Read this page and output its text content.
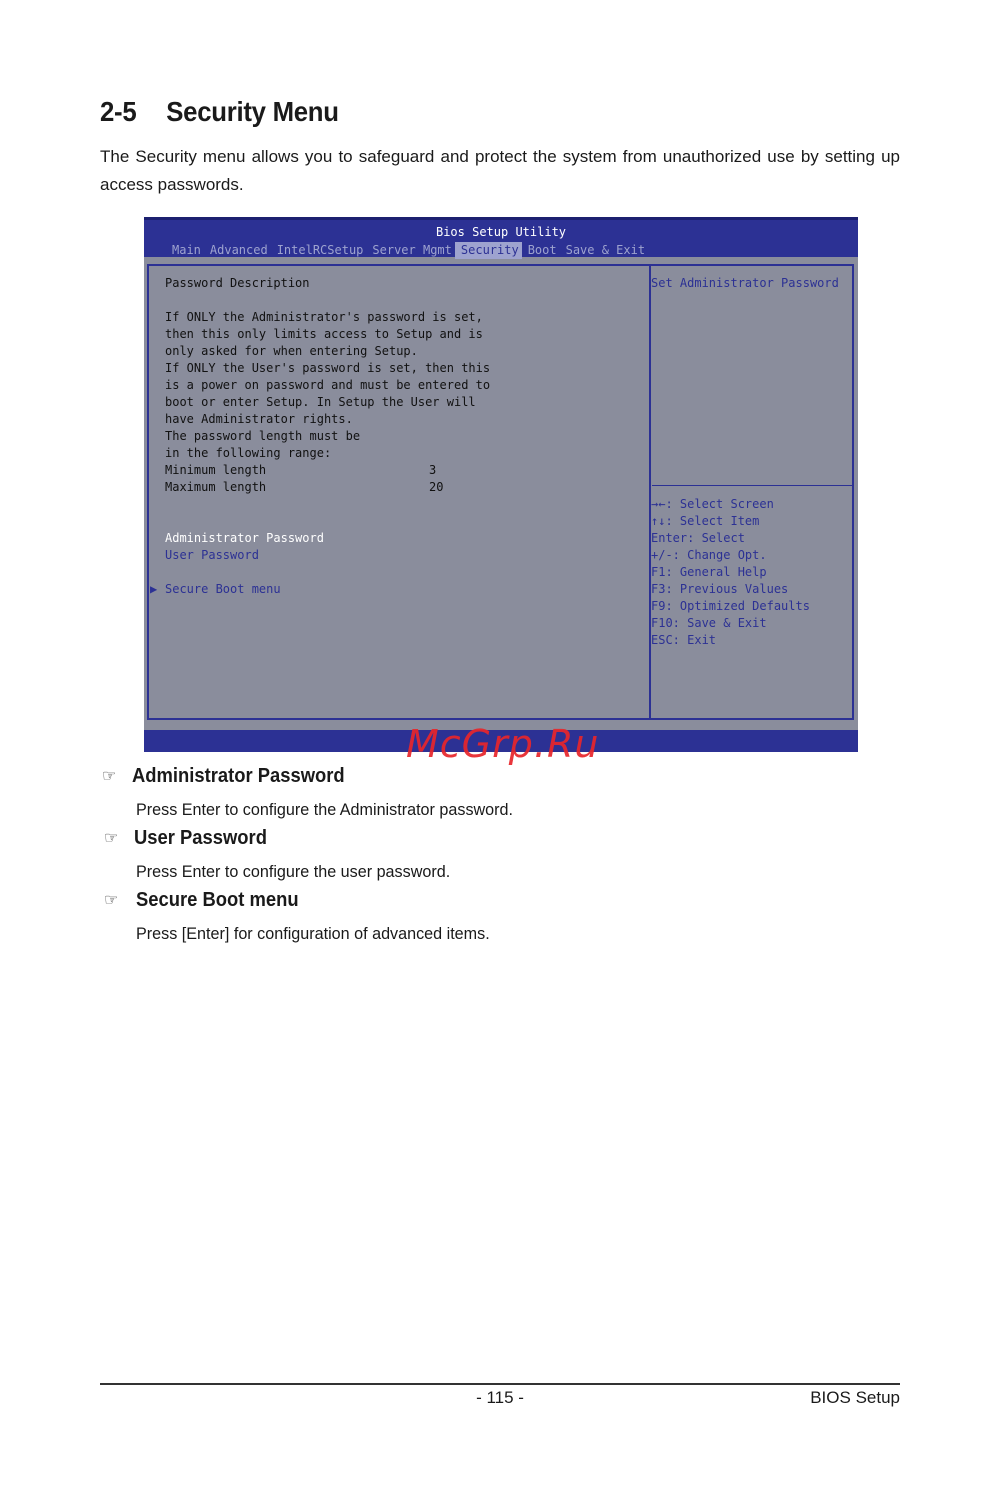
2-5 Security Menu

The Security menu allows you to safeguard and protect the system from unauthorized use by setting up access passwords.

Bios Setup Utility
Main Advanced IntelRCSetup Server Mgmt Security Boot Save & Exit
Password Description
If ONLY the Administrator's password is set,
then this only limits access to Setup and is
only asked for when entering Setup.
If ONLY the User's password is set, then this
is a power on password and must be entered to
boot or enter Setup. In Setup the User will
have Administrator rights.
The password length must be
in the following range:
Minimum length	3
Maximum length	20
Administrator Password
User Password
▶ Secure Boot menu
Set Administrator Password
→←: Select Screen
↑↓: Select Item
Enter: Select
+/-: Change Opt.
F1: General Help
F3: Previous Values
F9: Optimized Defaults
F10: Save & Exit
ESC: Exit
McGrp.Ru
☞ Administrator Password
Press Enter to configure the Administrator password.
☞ User Password
Press Enter to configure the user password.
☞ Secure Boot menu
Press [Enter] for configuration of advanced items.
- 115 -	BIOS Setup
